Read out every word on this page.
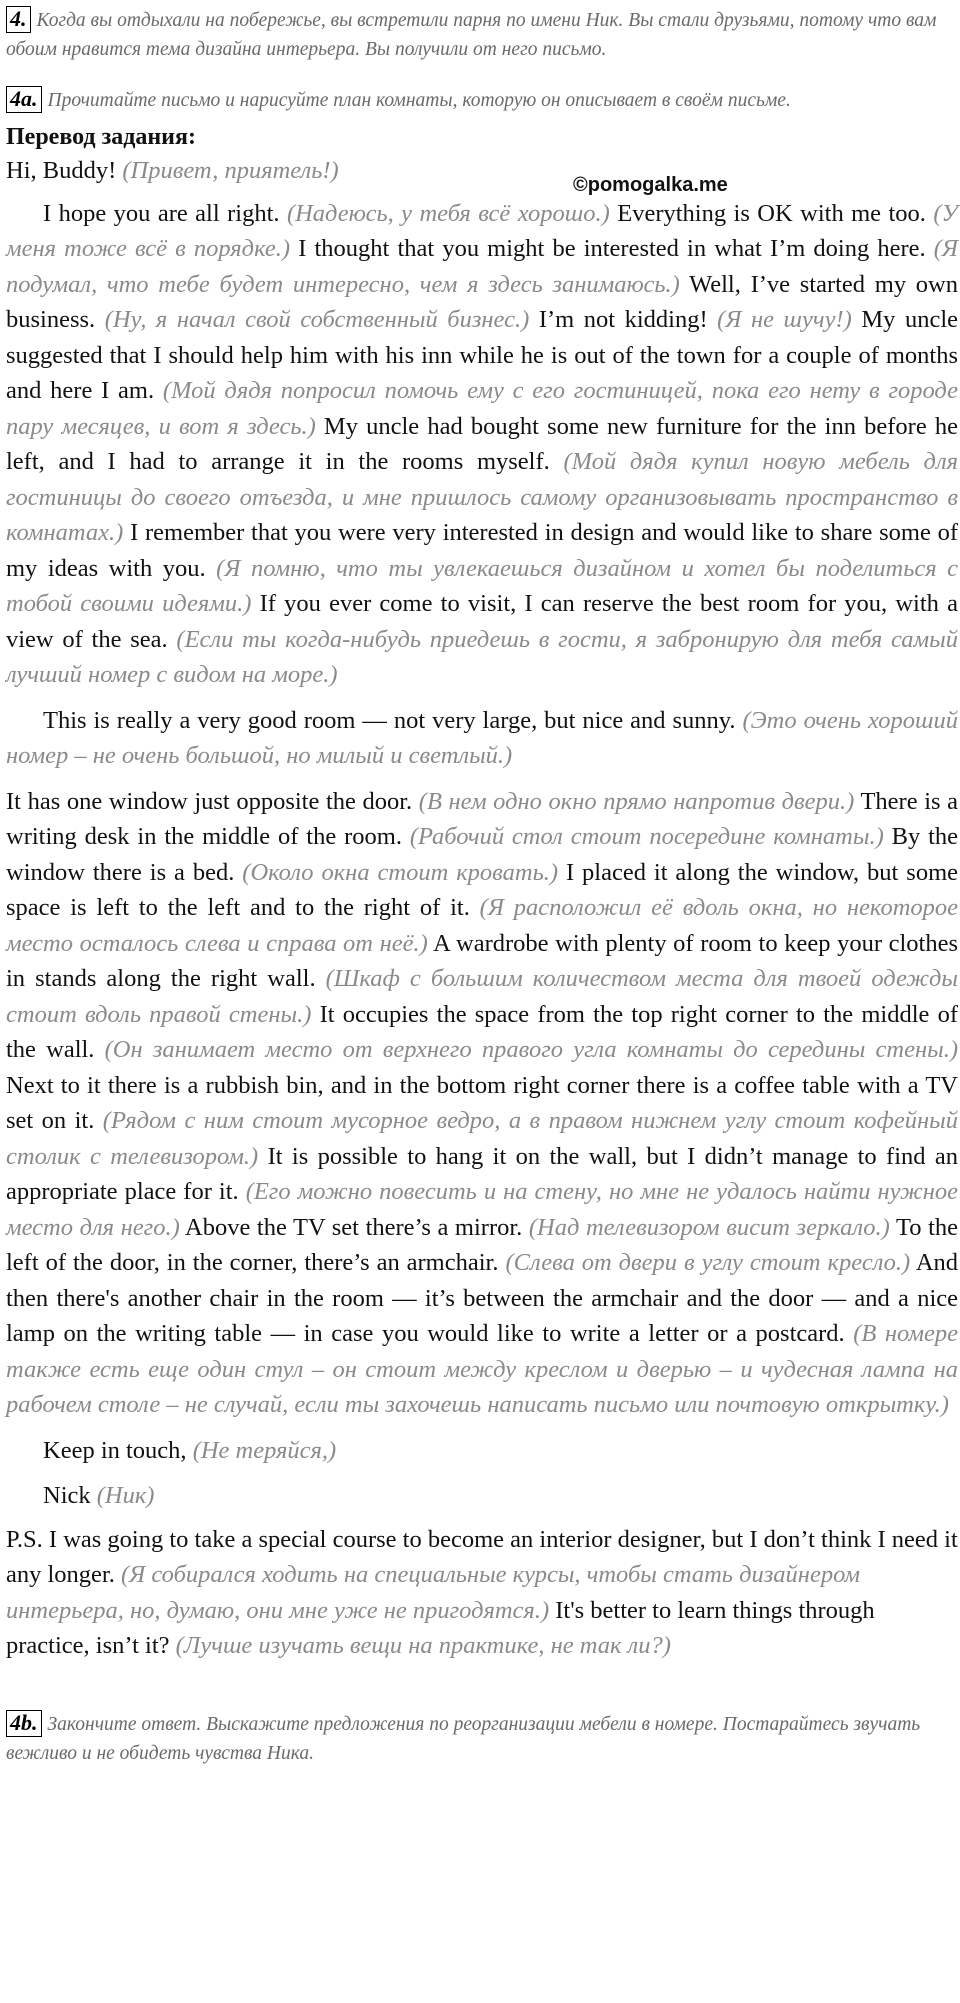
4. Когда вы отдыхали на побережье, вы встретили парня по имени Ник. Вы стали друзьями, потому что вам обоим нравится тема дизайна интерьера. Вы получили от него письмо.
4a. Прочитайте письмо и нарисуйте план комнаты, которую он описывает в своём письме.
Перевод задания:
©pomogalka.me

Hi, Buddy! (Привет, приятель!)

I hope you are all right. (Надеюсь, у тебя всё хорошо.) Everything is OK with me too. (У меня тоже всё в порядке.) I thought that you might be interested in what I’m doing here. (Я подумал, что тебе будет интересно, чем я здесь занимаюсь.) Well, I’ve started my own business. (Ну, я начал свой собственный бизнес.) I’m not kidding! (Я не шучу!) My uncle suggested that I should help him with his inn while he is out of the town for a couple of months and here I am. (Мой дядя попросил помочь ему с его гостиницей, пока его нету в городе пару месяцев, и вот я здесь.) My uncle had bought some new furniture for the inn before he left, and I had to arrange it in the rooms myself. (Мой дядя купил новую мебель для гостиницы до своего отъезда, и мне пришлось самому организовывать пространство в комнатах.) I remember that you were very interested in design and would like to share some of my ideas with you. (Я помню, что ты увлекаешься дизайном и хотел бы поделиться с тобой своими идеями.) If you ever come to visit, I can reserve the best room for you, with a view of the sea. (Если ты когда-нибудь приедешь в гости, я забронирую для тебя самый лучший номер с видом на море.)

This is really a very good room — not very large, but nice and sunny. (Это очень хороший номер – не очень большой, но милый и светлый.)

It has one window just opposite the door. (В нем одно окно прямо напротив двери.) There is a writing desk in the middle of the room. (Рабочий стол стоит посередине комнаты.) By the window there is a bed. (Около окна стоит кровать.) I placed it along the window, but some space is left to the left and to the right of it. (Я расположил её вдоль окна, но некоторое место осталось слева и справа от неё.) A wardrobe with plenty of room to keep your clothes in stands along the right wall. (Шкаф с большим количеством места для твоей одежды стоит вдоль правой стены.) It occupies the space from the top right corner to the middle of the wall. (Он занимает место от верхнего правого угла комнаты до середины стены.) Next to it there is a rubbish bin, and in the bottom right corner there is a coffee table with a TV set on it. (Рядом с ним стоит мусорное ведро, а в правом нижнем углу стоит кофейный столик с телевизором.) It is possible to hang it on the wall, but I didn’t manage to find an appropriate place for it. (Его можно повесить и на стену, но мне не удалось найти нужное место для него.) Above the TV set there’s a mirror. (Над телевизором висит зеркало.) To the left of the door, in the corner, there’s an armchair. (Слева от двери в углу стоит кресло.) And then there's another chair in the room — it’s between the armchair and the door — and a nice lamp on the writing table — in case you would like to write a letter or a postcard. (В номере также есть еще один стул – он стоит между креслом и дверью – и чудесная лампа на рабочем столе – не случай, если ты захочешь написать письмо или почтовую открытку.)

Keep in touch, (Не теряйся,)

Nick (Ник)

P.S. I was going to take a special course to become an interior designer, but I don’t think I need it any longer. (Я собирался ходить на специальные курсы, чтобы стать дизайнером интерьера, но, думаю, они мне уже не пригодятся.) It's better to learn things through practice, isn’t it? (Лучше изучать вещи на практике, не так ли?)

4b. Закончите ответ. Выскажите предложения по реорганизации мебели в номере. Постарайтесь звучать вежливо и не обидеть чувства Ника.
